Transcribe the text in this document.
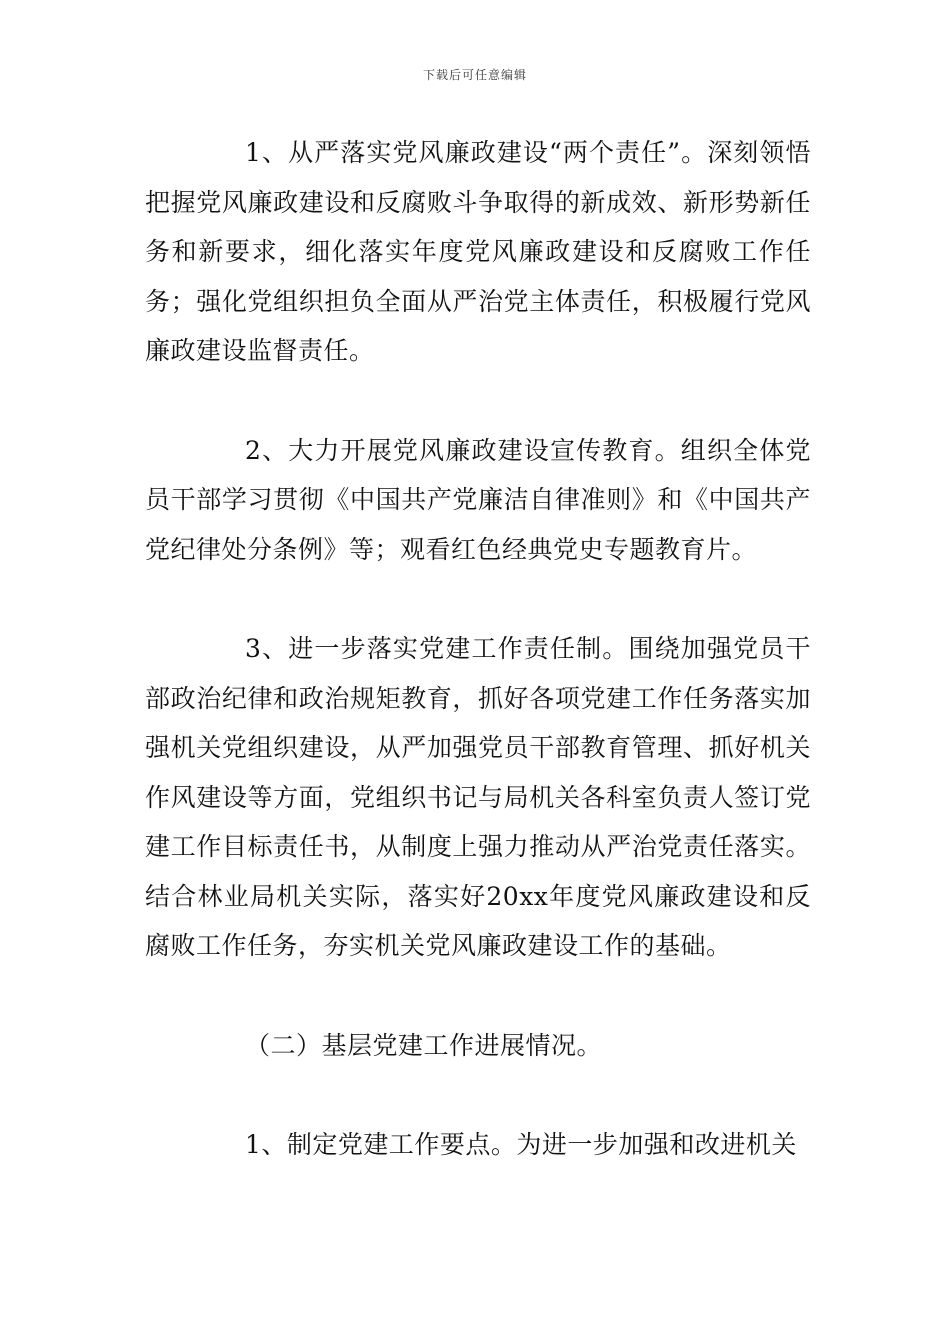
下载后可任意编辑

1、从严落实党风廉政建设“两个责任”。深刻领悟把握党风廉政建设和反腐败斗争取得的新成效、新形势新任务和新要求，细化落实年度党风廉政建设和反腐败工作任务；强化党组织担负全面从严治党主体责任，积极履行党风廉政建设监督责任。

2、大力开展党风廉政建设宣传教育。组织全体党员干部学习贯彻《中国共产党廉洁自律准则》和《中国共产党纪律处分条例》等；观看红色经典党史专题教育片。

3、进一步落实党建工作责任制。围绕加强党员干部政治纪律和政治规矩教育，抓好各项党建工作任务落实加强机关党组织建设，从严加强党员干部教育管理、抓好机关作风建设等方面，党组织书记与局机关各科室负责人签订党建工作目标责任书，从制度上强力推动从严治党责任落实。结合林业局机关实际，落实好20xx年度党风廉政建设和反腐败工作任务，夯实机关党风廉政建设工作的基础。

（二）基层党建工作进展情况。

1、制定党建工作要点。为进一步加强和改进机关
